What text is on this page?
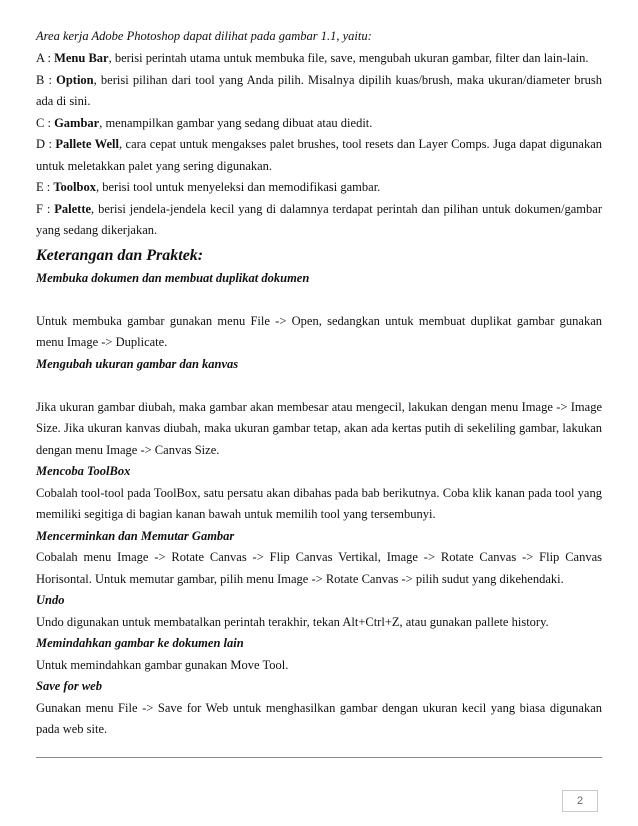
Area kerja Adobe Photoshop dapat dilihat pada gambar 1.1, yaitu:

A : Menu Bar, berisi perintah utama untuk membuka file, save, mengubah ukuran gambar, filter dan lain-lain.

B : Option, berisi pilihan dari tool yang Anda pilih. Misalnya dipilih kuas/brush, maka ukuran/diameter brush ada di sini.

C : Gambar, menampilkan gambar yang sedang dibuat atau diedit.

D : Pallete Well, cara cepat untuk mengakses palet brushes, tool resets dan Layer Comps. Juga dapat digunakan untuk meletakkan palet yang sering digunakan.

E : Toolbox, berisi tool untuk menyeleksi dan memodifikasi gambar.

F : Palette, berisi jendela-jendela kecil yang di dalamnya terdapat perintah dan pilihan untuk dokumen/gambar yang sedang dikerjakan.

Keterangan dan Praktek:

Membuka dokumen dan membuat duplikat dokumen

Untuk membuka gambar gunakan menu File -> Open, sedangkan untuk membuat duplikat gambar gunakan menu Image -> Duplicate.

Mengubah ukuran gambar dan kanvas

Jika ukuran gambar diubah, maka gambar akan membesar atau mengecil, lakukan dengan menu Image -> Image Size. Jika ukuran kanvas diubah, maka ukuran gambar tetap, akan ada kertas putih di sekeliling gambar, lakukan dengan menu Image -> Canvas Size.

Mencoba ToolBox

Cobalah tool-tool pada ToolBox, satu persatu akan dibahas pada bab berikutnya. Coba klik kanan pada tool yang memiliki segitiga di bagian kanan bawah untuk memilih tool yang tersembunyi.

Mencerminkan dan Memutar Gambar

Cobalah menu Image -> Rotate Canvas -> Flip Canvas Vertikal, Image -> Rotate Canvas -> Flip Canvas Horisontal. Untuk memutar gambar, pilih menu Image -> Rotate Canvas -> pilih sudut yang dikehendaki.

Undo

Undo digunakan untuk membatalkan perintah terakhir, tekan Alt+Ctrl+Z, atau gunakan pallete history.

Memindahkan gambar ke dokumen lain

Untuk memindahkan gambar gunakan Move Tool.

Save for web

Gunakan menu File -> Save for Web untuk menghasilkan gambar dengan ukuran kecil yang biasa digunakan pada web site.

2
